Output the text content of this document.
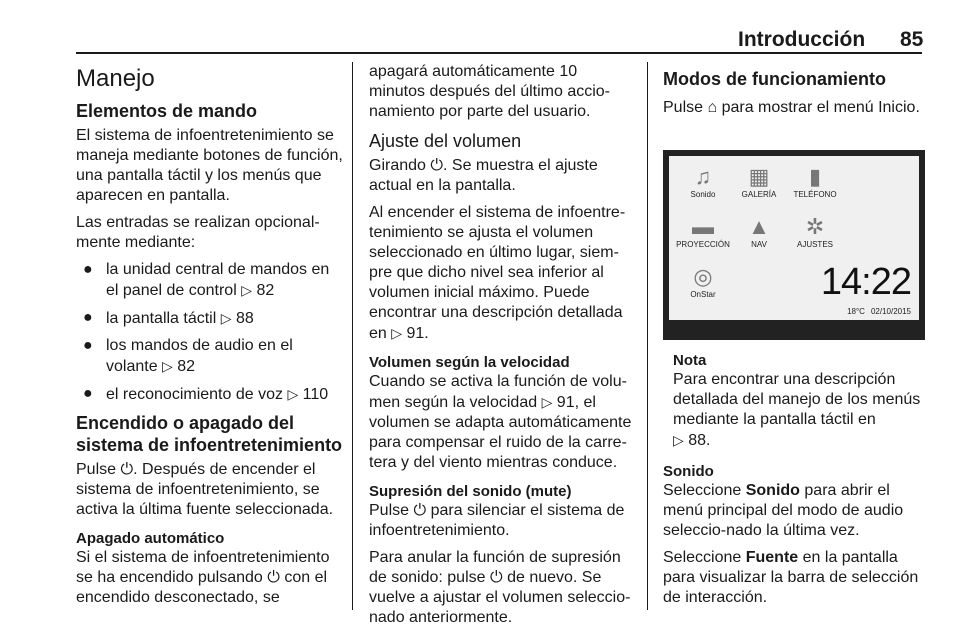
Introducción 85
Manejo
Elementos de mando

El sistema de infoentretenimiento se maneja mediante botones de función, una pantalla táctil y los menús que aparecen en pantalla.

Las entradas se realizan opcional-mente mediante:

● la unidad central de mandos en el panel de control ▷ 82
● la pantalla táctil ▷ 88
● los mandos de audio en el volante ▷ 82
● el reconocimiento de voz ▷ 110
Encendido o apagado del sistema de infoentretenimiento

Pulse ⏻. Después de encender el sistema de infoentretenimiento, se activa la última fuente seleccionada.

Apagado automático

Si el sistema de infoentretenimiento se ha encendido pulsando ⏻ con el encendido desconectado, se

apagará automáticamente 10 minutos después del último accio-namiento por parte del usuario.

Ajuste del volumen

Girando ⏻. Se muestra el ajuste actual en la pantalla.

Al encender el sistema de infoentre-tenimiento se ajusta el volumen seleccionado en último lugar, siem-pre que dicho nivel sea inferior al volumen inicial máximo. Puede encontrar una descripción detallada en ▷ 91.

Volumen según la velocidad

Cuando se activa la función de volu-men según la velocidad ▷ 91, el volumen se adapta automáticamente para compensar el ruido de la carre-tera y del viento mientras conduce.

Supresión del sonido (mute)

Pulse ⏻ para silenciar el sistema de infoentretenimiento.

Para anular la función de supresión de sonido: pulse ⏻ de nuevo. Se vuelve a ajustar el volumen seleccio-nado anteriormente.

Modos de funcionamiento

Pulse ⌂ para mostrar el menú Inicio.

♫
Sonido
▦
GALERÍA
▮
TELÉFONO
▬
PROYECCIÓN
▲
NAV
✲
AJUSTES
◎
OnStar	14:22
18°C 02/10/2015
Nota
Para encontrar una descripción detallada del manejo de los menús mediante la pantalla táctil en
▷ 88.
Sonido

Seleccione Sonido para abrir el menú principal del modo de audio seleccio-nado la última vez.

Seleccione Fuente en la pantalla para visualizar la barra de selección de interacción.
